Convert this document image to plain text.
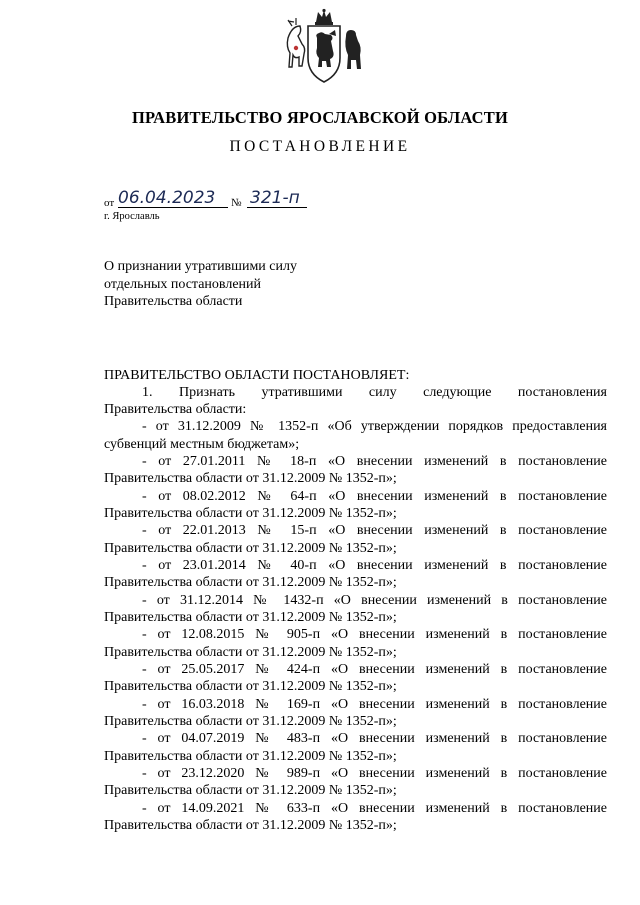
ПРАВИТЕЛЬСТВО ЯРОСЛАВСКОЙ ОБЛАСТИ
ПОСТАНОВЛЕНИЕ
от 06.04.2023 № 321-п
г. Ярославль
О признании утратившими силу
отдельных постановлений
Правительства области
ПРАВИТЕЛЬСТВО ОБЛАСТИ ПОСТАНОВЛЯЕТ:
1. Признать утратившими силу следующие постановления
Правительства области:
- от 31.12.2009 № 1352-п «Об утверждении порядков предоставления
субвенций местным бюджетам»;
- от 27.01.2011 № 18-п «О внесении изменений в постановление
Правительства области от 31.12.2009 № 1352-п»;
- от 08.02.2012 № 64-п «О внесении изменений в постановление
Правительства области от 31.12.2009 № 1352-п»;
- от 22.01.2013 № 15-п «О внесении изменений в постановление
Правительства области от 31.12.2009 № 1352-п»;
- от 23.01.2014 № 40-п «О внесении изменений в постановление
Правительства области от 31.12.2009 № 1352-п»;
- от 31.12.2014 № 1432-п «О внесении изменений в постановление
Правительства области от 31.12.2009 № 1352-п»;
- от 12.08.2015 № 905-п «О внесении изменений в постановление
Правительства области от 31.12.2009 № 1352-п»;
- от 25.05.2017 № 424-п «О внесении изменений в постановление
Правительства области от 31.12.2009 № 1352-п»;
- от 16.03.2018 № 169-п «О внесении изменений в постановление
Правительства области от 31.12.2009 № 1352-п»;
- от 04.07.2019 № 483-п «О внесении изменений в постановление
Правительства области от 31.12.2009 № 1352-п»;
- от 23.12.2020 № 989-п «О внесении изменений в постановление
Правительства области от 31.12.2009 № 1352-п»;
- от 14.09.2021 № 633-п «О внесении изменений в постановление
Правительства области от 31.12.2009 № 1352-п»;
